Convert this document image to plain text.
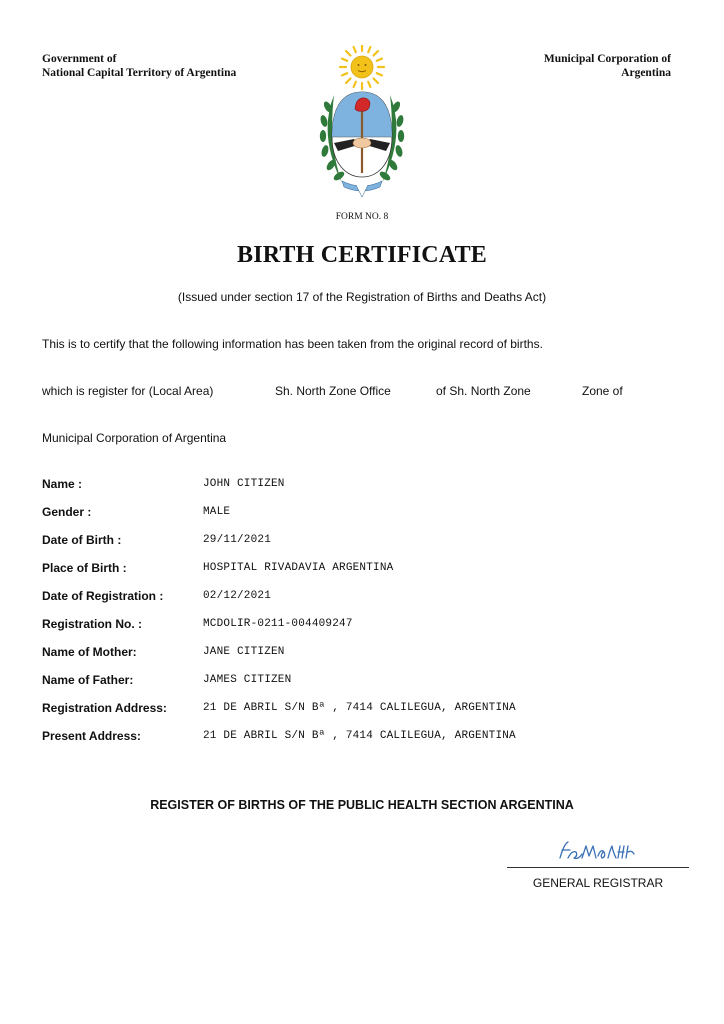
Government of
National Capital Territory of Argentina
Municipal Corporation of
Argentina
FORM NO. 8
BIRTH CERTIFICATE
(Issued under section 17 of the Registration of Births and Deaths Act)
This is to certify that the following information has been taken from the original record of births.
which is register for (Local Area)	Sh. North Zone Office	of Sh. North Zone	Zone of
Municipal Corporation of Argentina
Name :	JOHN CITIZEN
Gender :	MALE
Date of Birth :	29/11/2021
Place of Birth :	HOSPITAL RIVADAVIA ARGENTINA
Date of Registration :	02/12/2021
Registration No. :	MCDOLIR-0211-004409247
Name of Mother:	JANE CITIZEN
Name of Father:	JAMES CITIZEN
Registration Address:	21 DE ABRIL S/N Bª , 7414 CALILEGUA, ARGENTINA
Present Address:	21 DE ABRIL S/N Bª , 7414 CALILEGUA, ARGENTINA
REGISTER OF BIRTHS OF THE PUBLIC HEALTH SECTION ARGENTINA
GENERAL REGISTRAR
